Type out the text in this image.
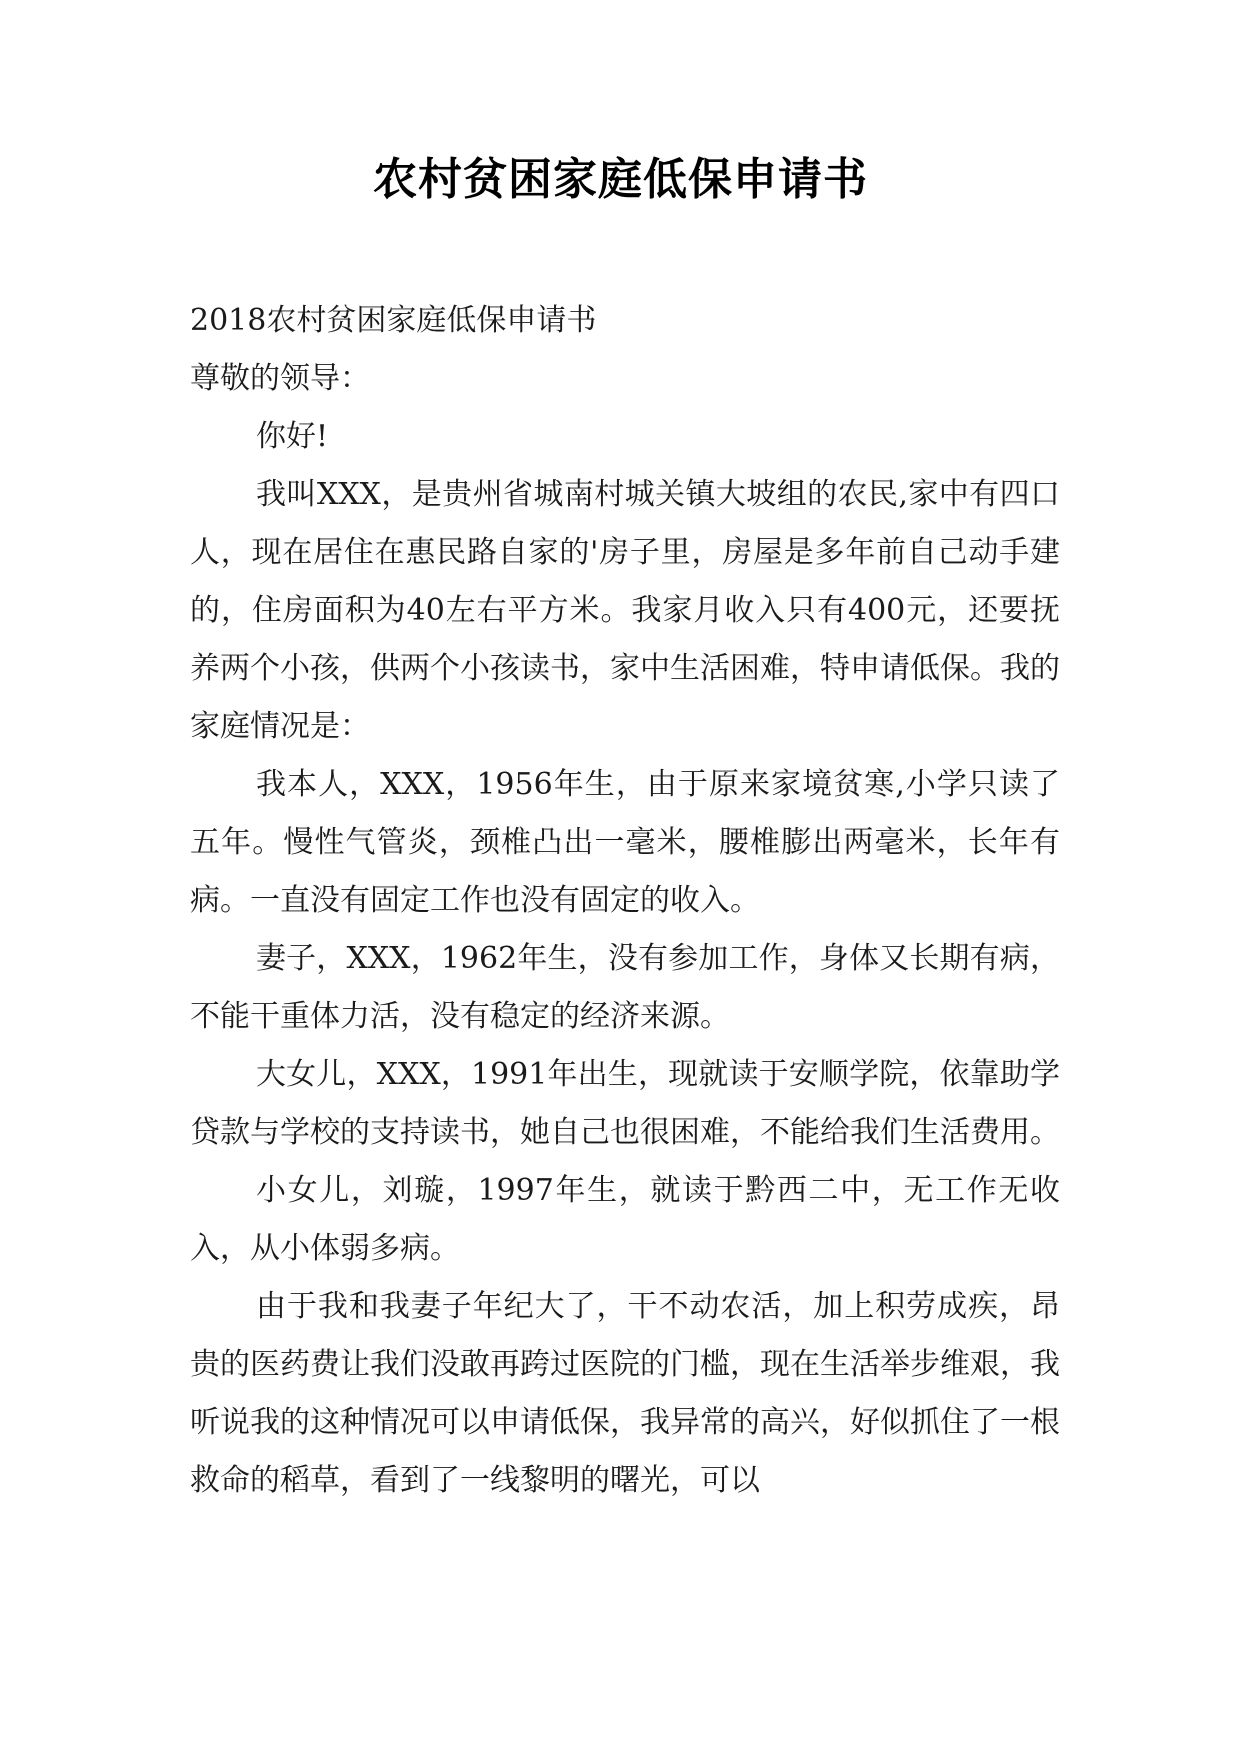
农村贫困家庭低保申请书
2018农村贫困家庭低保申请书
尊敬的领导：
你好!

我叫XXX，是贵州省城南村城关镇大坡组的农民,家中有四口人，现在居住在惠民路自家的'房子里，房屋是多年前自己动手建的，住房面积为40左右平方米。我家月收入只有400元，还要抚养两个小孩，供两个小孩读书，家中生活困难，特申请低保。我的家庭情况是：

我本人，XXX，1956年生，由于原来家境贫寒,小学只读了五年。慢性气管炎，颈椎凸出一毫米，腰椎膨出两毫米，长年有病。一直没有固定工作也没有固定的收入。

妻子，XXX，1962年生，没有参加工作，身体又长期有病，不能干重体力活，没有稳定的经济来源。

大女儿，XXX，1991年出生，现就读于安顺学院，依靠助学贷款与学校的支持读书，她自己也很困难，不能给我们生活费用。

小女儿，刘璇，1997年生，就读于黔西二中，无工作无收入，从小体弱多病。

由于我和我妻子年纪大了，干不动农活，加上积劳成疾，昂贵的医药费让我们没敢再跨过医院的门槛，现在生活举步维艰，我听说我的这种情况可以申请低保，我异常的高兴，好似抓住了一根救命的稻草，看到了一线黎明的曙光，可以
